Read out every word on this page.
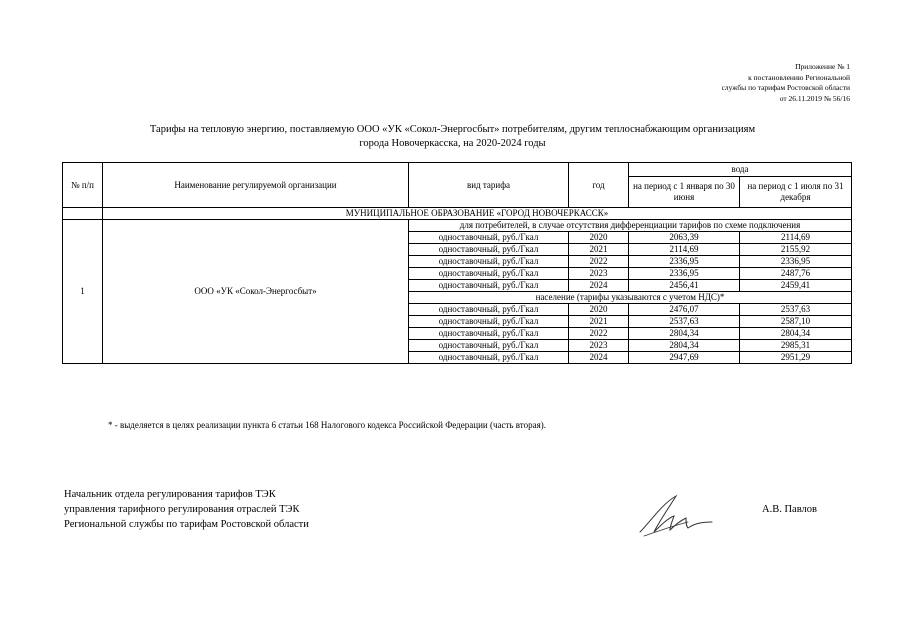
Приложение № 1
к постановлению Региональной
службы по тарифам Ростовской области
от 26.11.2019 № 56/16
Тарифы на тепловую энергию, поставляемую ООО «УК «Сокол-Энергосбыт» потребителям, другим теплоснабжающим организациям
города Новочеркасска, на 2020-2024 годы
№ п/п	Наименование регулируемой организации	вид тарифа	год	вода	
				на период с 1 января по 30 июня	на период с 1 июля по 31 декабря
	МУНИЦИПАЛЬНОЕ ОБРАЗОВАНИЕ «ГОРОД НОВОЧЕРКАССК»				
1	ООО «УК «Сокол-Энергосбыт»	для потребителей, в случае отсутствия дифференциации тарифов по схеме подключения			
		одноставочный, руб./Гкал	2020	2063,39	2114,69
		одноставочный, руб./Гкал	2021	2114,69	2155,92
		одноставочный, руб./Гкал	2022	2336,95	2336,95
		одноставочный, руб./Гкал	2023	2336,95	2487,76
		одноставочный, руб./Гкал	2024	2456,41	2459,41
		население (тарифы указываются с учетом НДС)*			
		одноставочный, руб./Гкал	2020	2476,07	2537,63
		одноставочный, руб./Гкал	2021	2537,63	2587,10
		одноставочный, руб./Гкал	2022	2804,34	2804,34
		одноставочный, руб./Гкал	2023	2804,34	2985,31
		одноставочный, руб./Гкал	2024	2947,69	2951,29
* - выделяется в целях реализации пункта 6 статьи 168 Налогового кодекса Российской Федерации (часть вторая).
Начальник отдела регулирования тарифов ТЭК
управления тарифного регулирования отраслей ТЭК
Региональной службы по тарифам Ростовской области
А.В. Павлов
